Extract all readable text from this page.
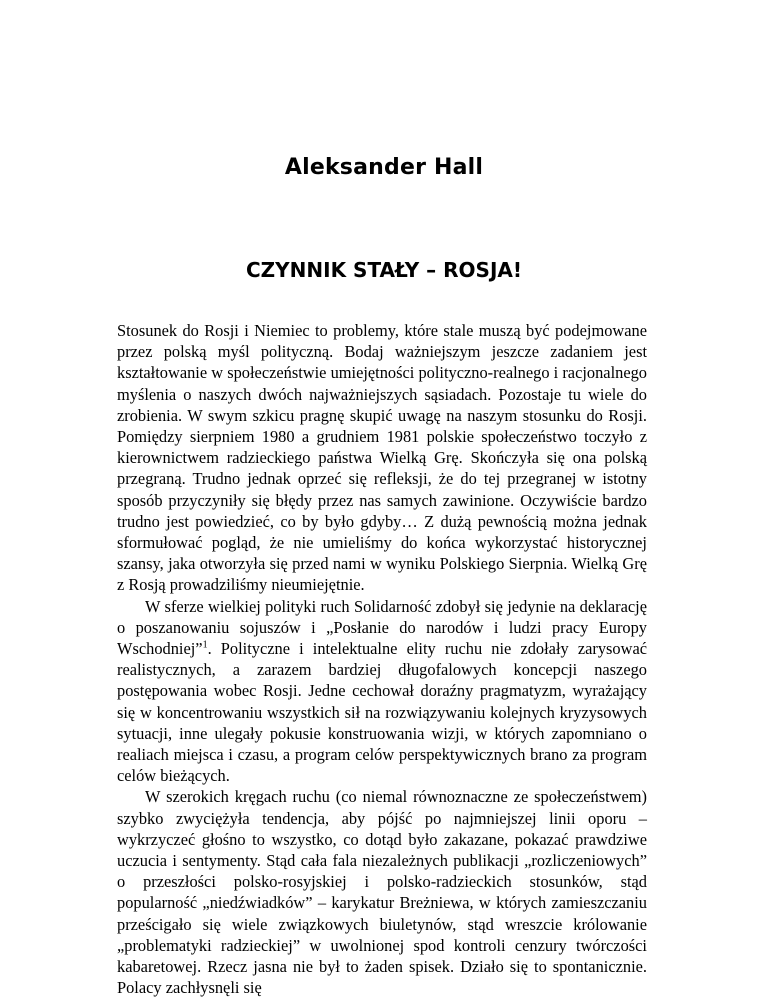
Aleksander Hall
CZYNNIK STAŁY – ROSJA!

Stosunek do Rosji i Niemiec to problemy, które stale muszą być podejmowane przez polską myśl polityczną. Bodaj ważniejszym jeszcze zadaniem jest kształtowanie w społeczeństwie umiejętności polityczno-realnego i racjonalnego myślenia o naszych dwóch najważniejszych sąsiadach. Pozostaje tu wiele do zrobienia. W swym szkicu pragnę skupić uwagę na naszym stosunku do Rosji. Pomiędzy sierpniem 1980 a grudniem 1981 polskie społeczeństwo toczyło z kierownictwem radzieckiego państwa Wielką Grę. Skończyła się ona polską przegraną. Trudno jednak oprzeć się refleksji, że do tej przegranej w istotny sposób przyczyniły się błędy przez nas samych zawinione. Oczywiście bardzo trudno jest powiedzieć, co by było gdyby… Z dużą pewnością można jednak sformułować pogląd, że nie umieliśmy do końca wykorzystać historycznej szansy, jaka otworzyła się przed nami w wyniku Polskiego Sierpnia. Wielką Grę z Rosją prowadziliśmy nieumiejętnie.

W sferze wielkiej polityki ruch Solidarność zdobył się jedynie na deklarację o poszanowaniu sojuszów i „Posłanie do narodów i ludzi pracy Europy Wschodniej”$^1$. Polityczne i intelektualne elity ruchu nie zdołały zarysować realistycznych, a zarazem bardziej długofalowych koncepcji naszego postępowania wobec Rosji. Jedne cechował doraźny pragmatyzm, wyrażający się w koncentrowaniu wszystkich sił na rozwiązywaniu kolejnych kryzysowych sytuacji, inne ulegały pokusie konstruowania wizji, w których zapomniano o realiach miejsca i czasu, a program celów perspektywicznych brano za program celów bieżących.

W szerokich kręgach ruchu (co niemal równoznaczne ze społeczeństwem) szybko zwyciężyła tendencja, aby pójść po najmniejszej linii oporu – wykrzyczeć głośno to wszystko, co dotąd było zakazane, pokazać prawdziwe uczucia i sentymenty. Stąd cała fala niezależnych publikacji „rozliczeniowych” o przeszłości polsko-rosyjskiej i polsko-radzieckich stosunków, stąd popularność „niedźwiadków” – karykatur Breżniewa, w których zamieszczaniu prześcigało się wiele związkowych biuletynów, stąd wreszcie królowanie „problematyki radzieckiej” w uwolnionej spod kontroli cenzury twórczości kabaretowej. Rzecz jasna nie był to żaden spisek. Działo się to spontanicznie. Polacy zachłysnęli się
